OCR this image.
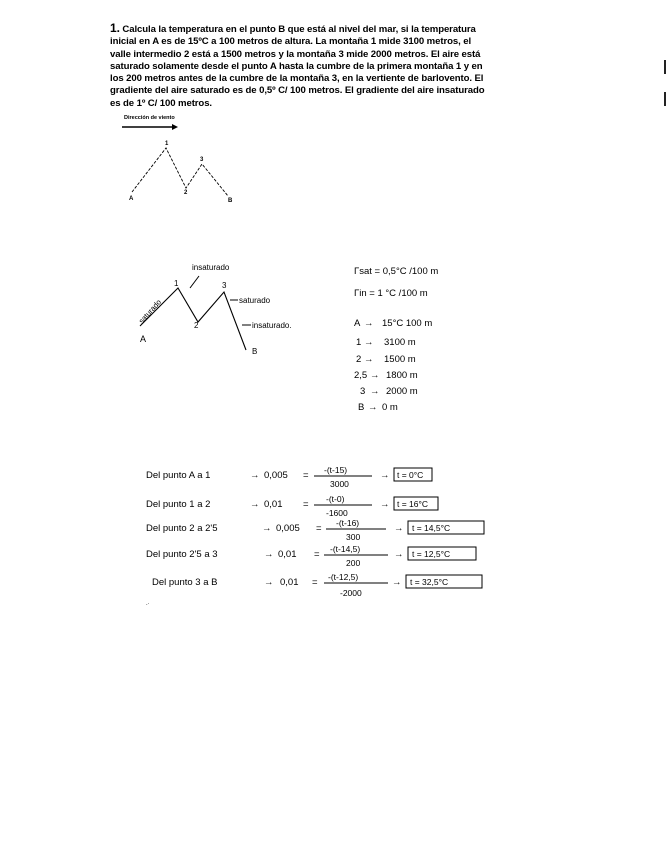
1. Calcula la temperatura en el punto B que está al nivel del mar, si la temperatura inicial en A es de 15ºC a 100 metros de altura. La montaña 1 mide 3100 metros, el valle intermedio 2 está a 1500 metros y la montaña 3 mide 2000 metros. El aire está saturado solamente desde el punto A hasta la cumbre de la primera montaña 1 y en los 200 metros antes de la cumbre de la montaña 3, en la vertiente de barlovento. El gradiente del aire saturado es de 0,5º C/ 100 metros. El gradiente del aire insaturado es de 1º C/ 100 metros.
Dirección de viento
1
3
2
A	B
insaturado
saturado
1	3
2
saturado
insaturado.
A
B
Γsat = 0,5°C /100 m
Γin = 1 °C /100 m
A → 15°C 100 m
1 → 3100 m
2 → 1500 m
2,5 → 1800 m
3 → 2000 m
B → 0 m
Del punto A a 1	→ 0,005 = -(t-15)
3000
→ t = 0°C
Del punto 1 a 2	→ 0,01 = -(t-0)
-1600
→ t = 16°C
Del punto 2 a 2'5	→ 0,005 = -(t-16)
300
→ t = 14,5°C
Del punto 2'5 a 3	→ 0,01 = -(t-14,5)
200
→ t = 12,5°C
Del punto 3 a B	→ 0,01 = -(t-12,5)
-2000
→ t = 32,5°C
.·
